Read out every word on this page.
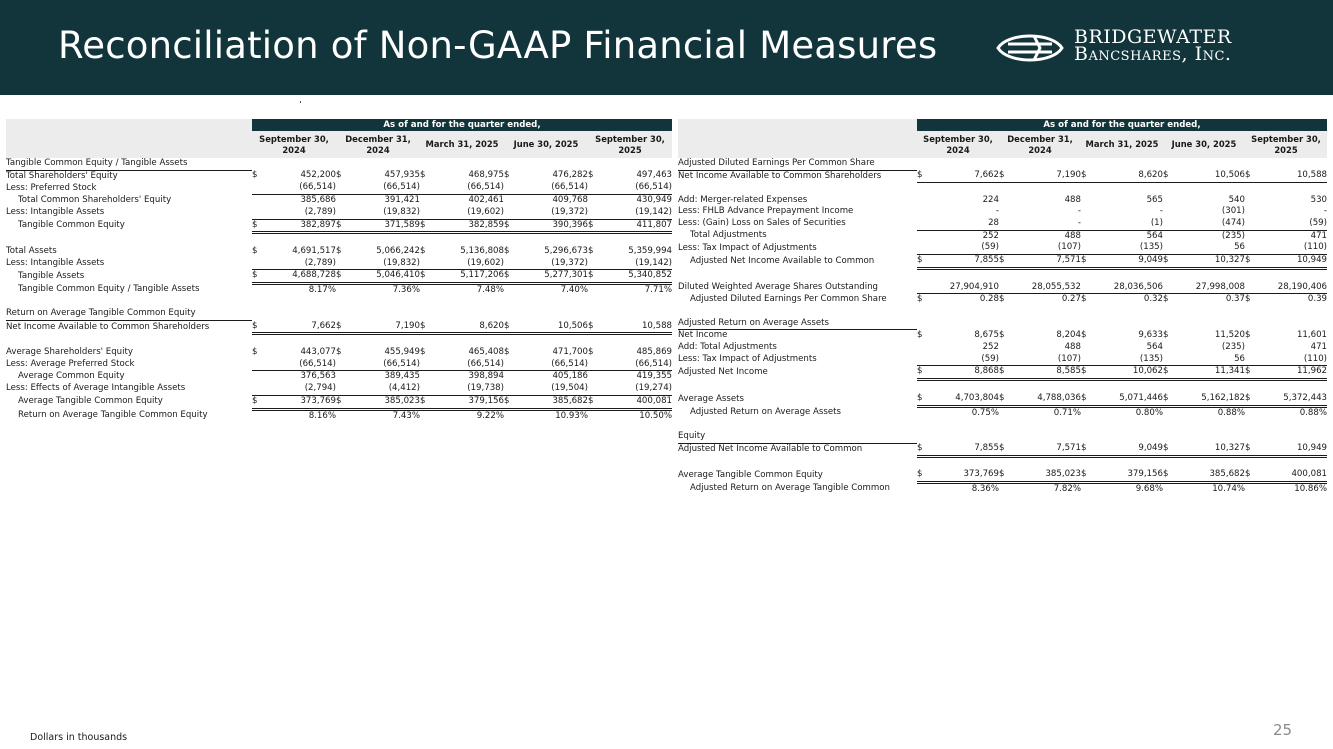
Reconciliation of Non-GAAP Financial Measures	BRIDGEWATER
Bancshares, Inc.
	As of and for the quarter ended,									
	September 30, 2024		December 31, 2024		March 31, 2025		June 30, 2025		September 30, 2025	
Tangible Common Equity / Tangible Assets										
Total Shareholders' Equity	$	452,200	$	457,935	$	468,975	$	476,282	$	497,463
Less: Preferred Stock		(66,514)		(66,514)		(66,514)		(66,514)		(66,514)
Total Common Shareholders' Equity		385,686		391,421		402,461		409,768		430,949
Less: Intangible Assets		(2,789)		(19,832)		(19,602)		(19,372)		(19,142)
Tangible Common Equity	$	382,897	$	371,589	$	382,859	$	390,396	$	411,807

Total Assets	$	4,691,517	$	5,066,242	$	5,136,808	$	5,296,673	$	5,359,994
Less: Intangible Assets		(2,789)		(19,832)		(19,602)		(19,372)		(19,142)
Tangible Assets	$	4,688,728	$	5,046,410	$	5,117,206	$	5,277,301	$	5,340,852
Tangible Common Equity / Tangible Assets		8.17%		7.36%		7.48%		7.40%		7.71%

Return on Average Tangible Common Equity										
Net Income Available to Common Shareholders	$	7,662	$	7,190	$	8,620	$	10,506	$	10,588

Average Shareholders' Equity	$	443,077	$	455,949	$	465,408	$	471,700	$	485,869
Less: Average Preferred Stock		(66,514)		(66,514)		(66,514)		(66,514)		(66,514)
Average Common Equity		376,563		389,435		398,894		405,186		419,355
Less: Effects of Average Intangible Assets		(2,794)		(4,412)		(19,738)		(19,504)		(19,274)
Average Tangible Common Equity	$	373,769	$	385,023	$	379,156	$	385,682	$	400,081
Return on Average Tangible Common Equity		8.16%		7.43%		9.22%		10.93%		10.50%
	As of and for the quarter ended,									
	September 30, 2024		December 31, 2024		March 31, 2025		June 30, 2025		September 30, 2025	
Adjusted Diluted Earnings Per Common Share										
Net Income Available to Common Shareholders	$	7,662	$	7,190	$	8,620	$	10,506	$	10,588

Add: Merger-related Expenses		224		488		565		540		530
Less: FHLB Advance Prepayment Income		-		-		-		(301)		-
Less: (Gain) Loss on Sales of Securities		28		-		(1)		(474)		(59)
Total Adjustments		252		488		564		(235)		471
Less: Tax Impact of Adjustments		(59)		(107)		(135)		56		(110)
Adjusted Net Income Available to Common	$	7,855	$	7,571	$	9,049	$	10,327	$	10,949

Diluted Weighted Average Shares Outstanding		27,904,910		28,055,532		28,036,506		27,998,008		28,190,406
Adjusted Diluted Earnings Per Common Share	$	0.28	$	0.27	$	0.32	$	0.37	$	0.39

Adjusted Return on Average Assets										
Net Income	$	8,675	$	8,204	$	9,633	$	11,520	$	11,601
Add: Total Adjustments		252		488		564		(235)		471
Less: Tax Impact of Adjustments		(59)		(107)		(135)		56		(110)
Adjusted Net Income	$	8,868	$	8,585	$	10,062	$	11,341	$	11,962

Average Assets	$	4,703,804	$	4,788,036	$	5,071,446	$	5,162,182	$	5,372,443
Adjusted Return on Average Assets		0.75%		0.71%		0.80%		0.88%		0.88%

Equity										
Adjusted Net Income Available to Common	$	7,855	$	7,571	$	9,049	$	10,327	$	10,949

Average Tangible Common Equity	$	373,769	$	385,023	$	379,156	$	385,682	$	400,081
Adjusted Return on Average Tangible Common		8.36%		7.82%		9.68%		10.74%		10.86%
Dollars in thousands	25
